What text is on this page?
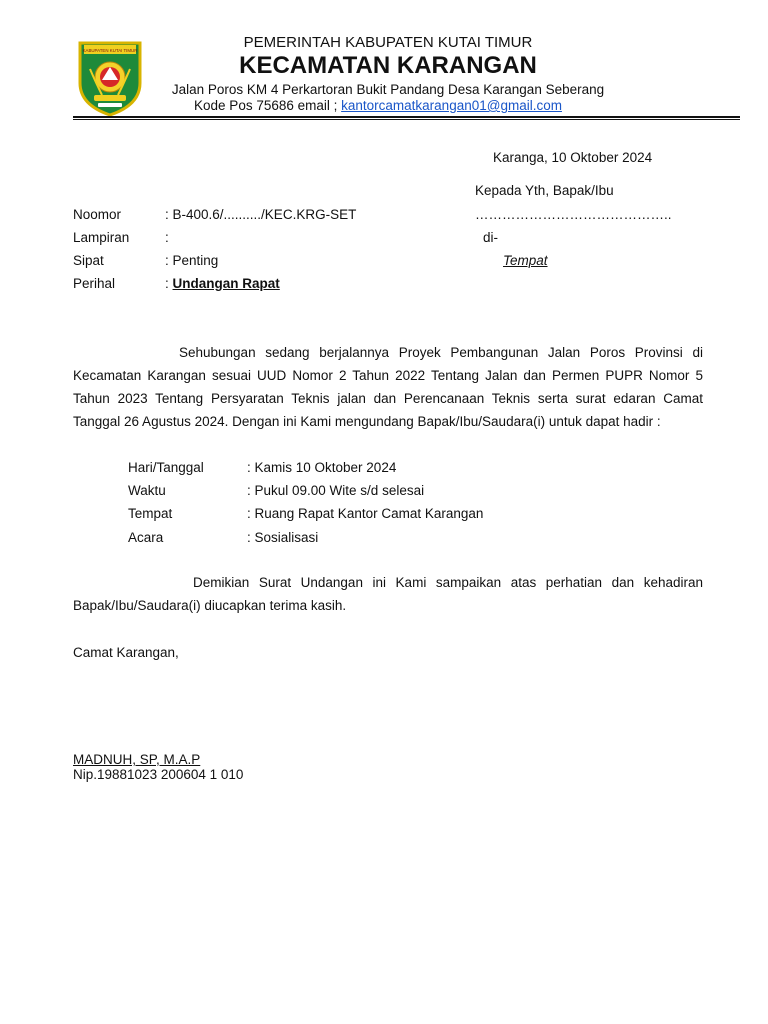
KABUPATEN KUTAI TIMUR	PEMERINTAH KABUPATEN KUTAI TIMUR
KECAMATAN KARANGAN
Jalan Poros KM 4 Perkartoran Bukit Pandang Desa Karangan Seberang
Kode Pos 75686 email ; kantorcamatkarangan01@gmail.com
Karanga, 10 Oktober 2024
Kepada Yth, Bapak/Ibu
……………………………………..
di-
Tempat
Noomor	: B-400.6/........../KEC.KRG-SET
Lampiran	:
Sipat	: Penting
Perihal	: Undangan Rapat
Sehubungan sedang berjalannya Proyek Pembangunan Jalan Poros Provinsi di
Kecamatan Karangan sesuai UUD Nomor 2 Tahun 2022 Tentang Jalan dan Permen PUPR Nomor 5
Tahun 2023 Tentang Persyaratan Teknis jalan dan Perencanaan Teknis serta surat edaran Camat
Tanggal 26 Agustus 2024. Dengan ini Kami mengundang Bapak/Ibu/Saudara(i) untuk dapat hadir :
Hari/Tanggal	: Kamis 10 Oktober 2024
Waktu	: Pukul 09.00 Wite s/d selesai
Tempat	: Ruang Rapat Kantor Camat Karangan
Acara	: Sosialisasi
Demikian Surat Undangan ini Kami sampaikan atas perhatian dan kehadiran
Bapak/Ibu/Saudara(i) diucapkan terima kasih.
Camat Karangan,
MADNUH, SP, M.A.P
Nip.19881023 200604 1 010
